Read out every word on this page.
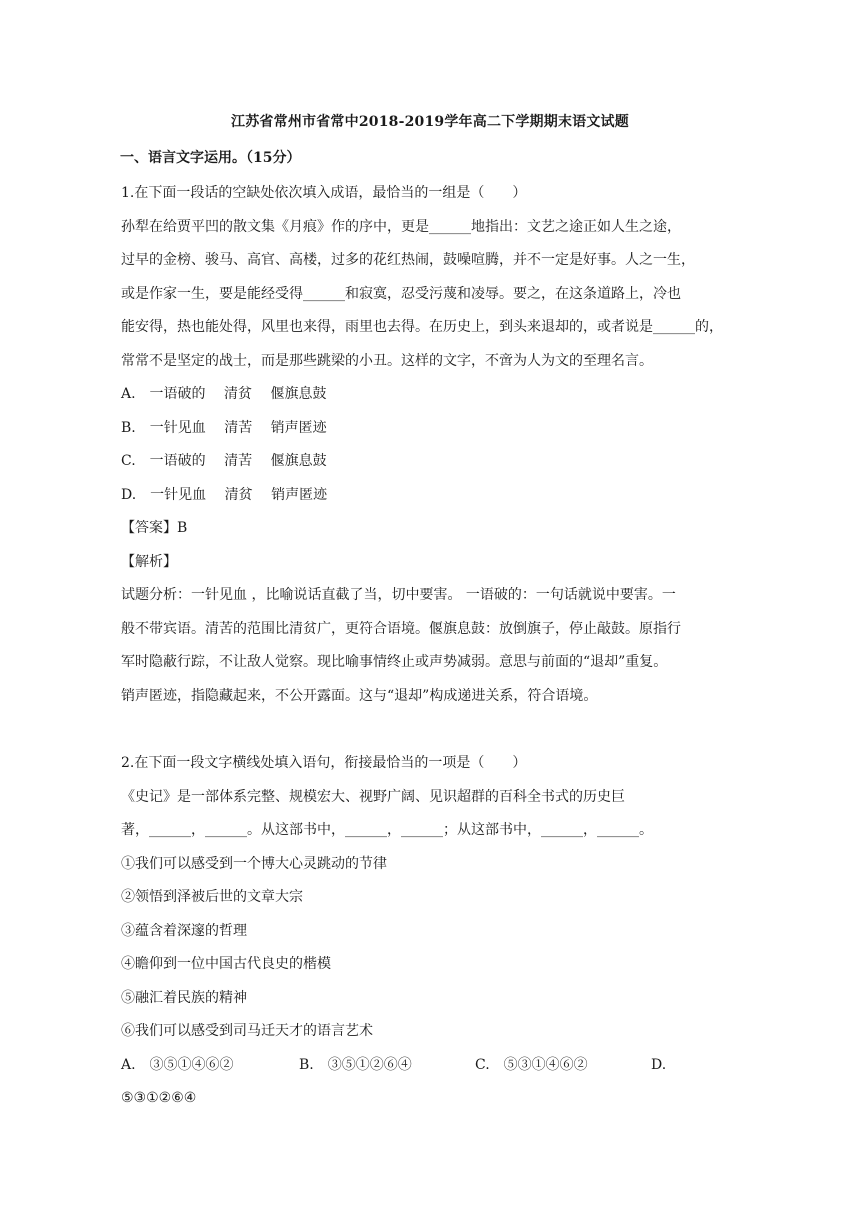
江苏省常州市省常中2018-2019学年高二下学期期末语文试题
一、语言文字运用。（15分）

1.在下面一段话的空缺处依次填入成语，最恰当的一组是（　　）

孙犁在给贾平凹的散文集《月痕》作的序中，更是______地指出：文艺之途正如人生之途，

过早的金榜、骏马、高官、高楼，过多的花红热闹，鼓噪喧腾，并不一定是好事。人之一生，

或是作家一生，要是能经受得______和寂寞，忍受污蔑和凌辱。要之，在这条道路上，冷也

能安得，热也能处得，风里也来得，雨里也去得。在历史上，到头来退却的，或者说是______的，

常常不是坚定的战士，而是那些跳梁的小丑。这样的文字，不啻为人为文的至理名言。

A.　一语破的　 清贫　 偃旗息鼓

B.　一针见血　 清苦　 销声匿迹

C.　一语破的　 清苦　 偃旗息鼓

D.　一针见血　 清贫　 销声匿迹

【答案】B

【解析】

试题分析：一针见血 ，比喻说话直截了当，切中要害。 一语破的：一句话就说中要害。一

般不带宾语。清苦的范围比清贫广，更符合语境。偃旗息鼓：放倒旗子，停止敲鼓。原指行

军时隐蔽行踪，不让敌人觉察。现比喻事情终止或声势减弱。意思与前面的“退却”重复。

销声匿迹，指隐藏起来，不公开露面。这与“退却”构成递进关系，符合语境。

2.在下面一段文字横线处填入语句，衔接最恰当的一项是（　　）

《史记》是一部体系完整、规模宏大、视野广阔、见识超群的百科全书式的历史巨

著，______，______。从这部书中，______，______；从这部书中，______，______。

①我们可以感受到一个博大心灵跳动的节律

②领悟到泽被后世的文章大宗

③蕴含着深邃的哲理

④瞻仰到一位中国古代良史的楷模

⑤融汇着民族的精神

⑥我们可以感受到司马迁天才的语言艺术

A.　③⑤①④⑥②	B.　③⑤①②⑥④	C.　⑤③①④⑥②	D.

⑤③①②⑥④
